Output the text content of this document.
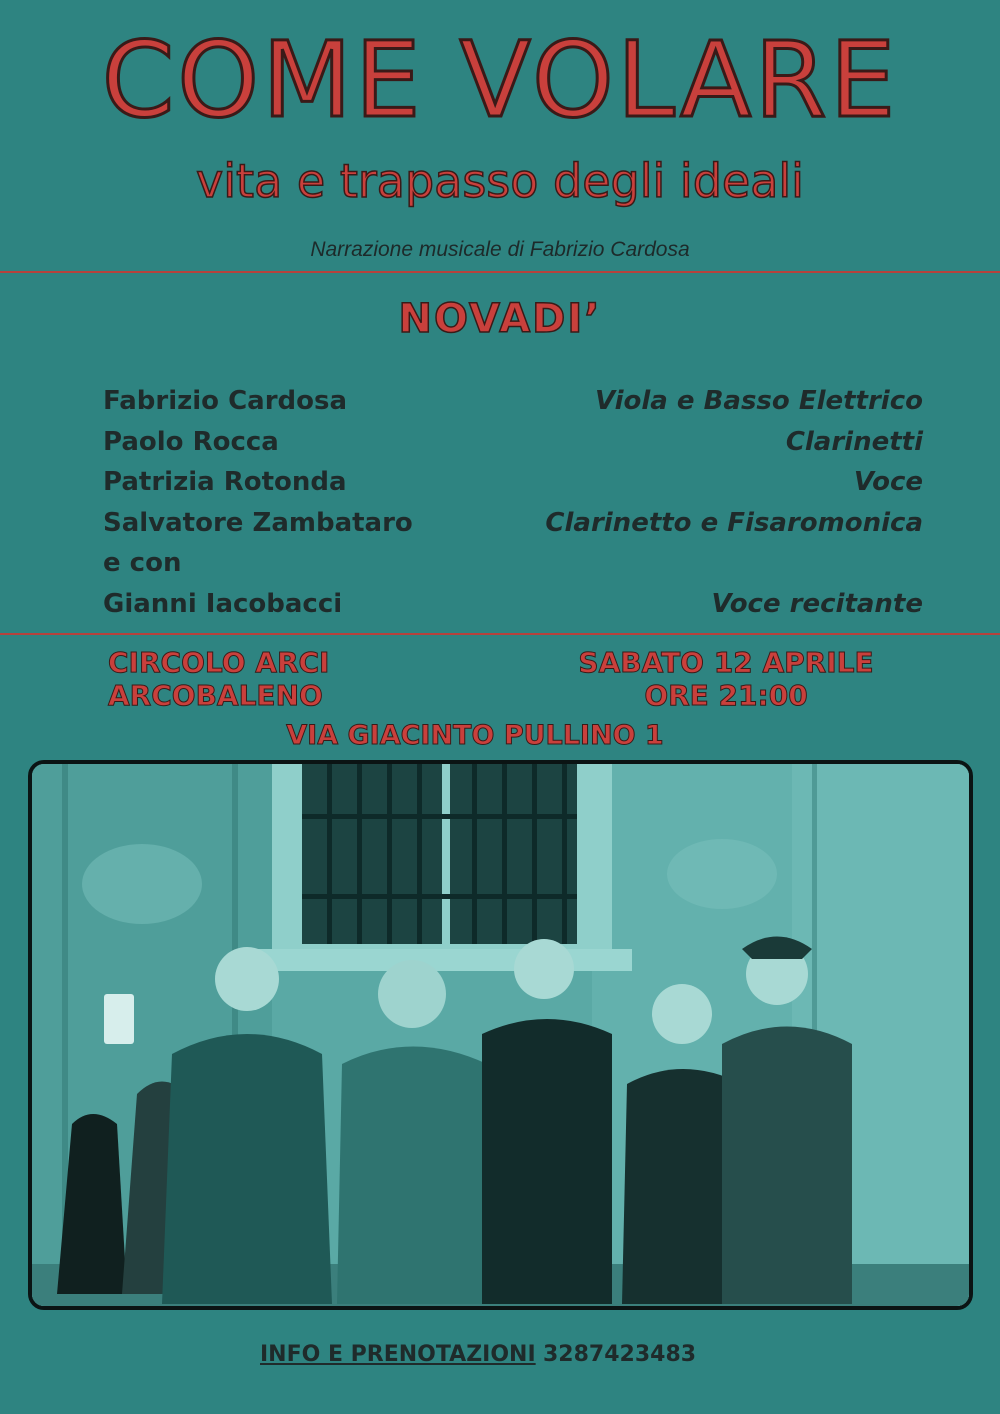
COME VOLARE
vita e trapasso degli ideali
Narrazione musicale di Fabrizio Cardosa
NOVADI’
Fabrizio Cardosa	Viola e Basso Elettrico
Paolo Rocca	Clarinetti
Patrizia Rotonda	Voce
Salvatore Zambataro	Clarinetto e Fisaromonica
e con
Gianni Iacobacci	Voce recitante
CIRCOLO ARCI
ARCOBALENO
SABATO 12 APRILE
ORE 21:00
VIA GIACINTO PULLINO 1
INFO E PRENOTAZIONI 3287423483
